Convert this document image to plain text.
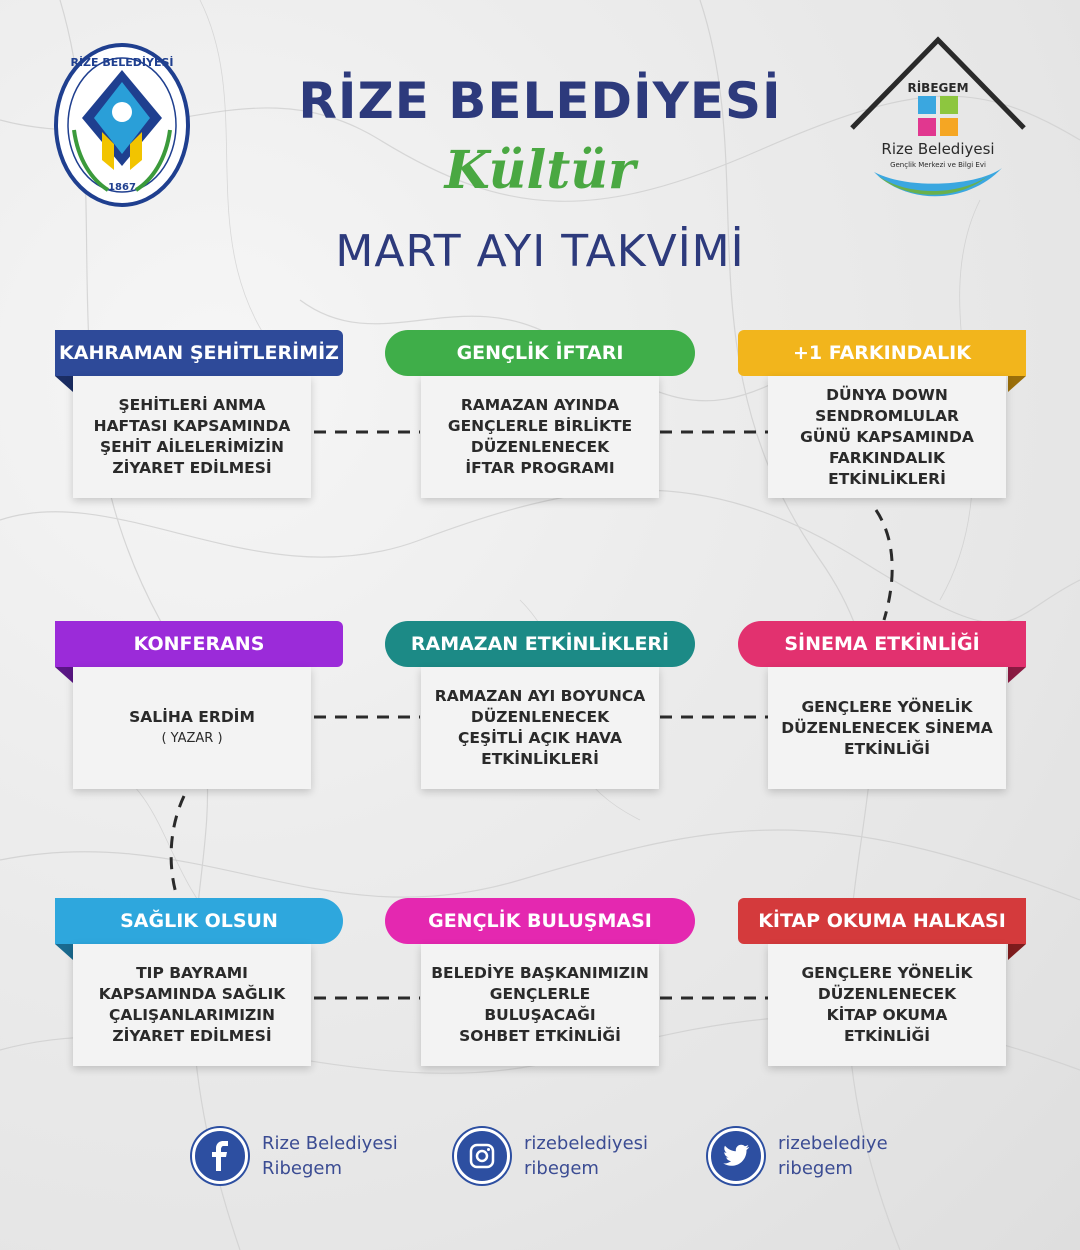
1867
RİZE BELEDİYESİ
RİBEGEM
Rize Belediyesi
Gençlik Merkezi ve Bilgi Evi
RİZE BELEDİYESİ
Kültür
MART AYI TAKVİMİ
KAHRAMAN ŞEHİTLERİMİZ
ŞEHİTLERİ ANMA
HAFTASI KAPSAMINDA
ŞEHİT AİLELERİMİZİN
ZİYARET EDİLMESİ
GENÇLİK İFTARI
RAMAZAN AYINDA
GENÇLERLE BİRLİKTE
DÜZENLENECEK
İFTAR PROGRAMI
+1 FARKINDALIK
DÜNYA DOWN
SENDROMLULAR
GÜNÜ KAPSAMINDA
FARKINDALIK ETKİNLİKLERİ
KONFERANS
SALİHA ERDİM
( YAZAR )
RAMAZAN ETKİNLİKLERİ
RAMAZAN AYI BOYUNCA
DÜZENLENECEK
ÇEŞİTLİ AÇIK HAVA
ETKİNLİKLERİ
SİNEMA ETKİNLİĞİ
GENÇLERE YÖNELİK
DÜZENLENECEK SİNEMA
ETKİNLİĞİ
SAĞLIK OLSUN
TIP BAYRAMI
KAPSAMINDA SAĞLIK
ÇALIŞANLARIMIZIN
ZİYARET EDİLMESİ
GENÇLİK BULUŞMASI
BELEDİYE BAŞKANIMIZIN
GENÇLERLE
BULUŞACAĞI
SOHBET ETKİNLİĞİ
KİTAP OKUMA HALKASI
GENÇLERE YÖNELİK
DÜZENLENECEK
KİTAP OKUMA
ETKİNLİĞİ
Rize Belediyesi
Ribegem
rizebelediyesi
ribegem
rizebelediye
ribegem
